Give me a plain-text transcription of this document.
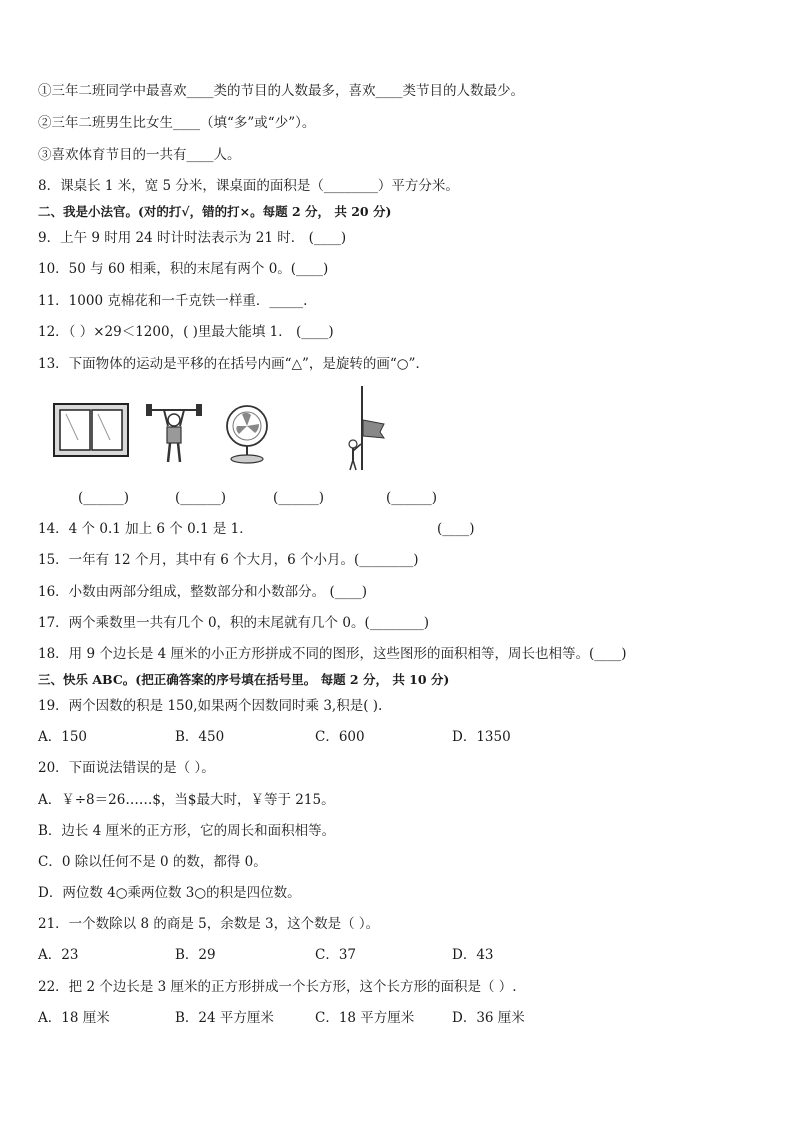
①三年二班同学中最喜欢____类的节目的人数最多，喜欢____类节目的人数最少。
②三年二班男生比女生____（填“多”或“少”）。
③喜欢体育节目的一共有____人。
8．课桌长 1 米，宽 5 分米，课桌面的面积是（________）平方分米。
二、我是小法官。(对的打√，错的打×。每题 2 分， 共 20 分)
9．上午 9 时用 24 时计时法表示为 21 时． (____)
10．50 与 60 相乘，积的末尾有两个 0。(____)
11．1000 克棉花和一千克铁一样重．_____.
12．（ ）×29＜1200，( )里最大能填 1． (____)
13．下面物体的运动是平移的在括号内画“△”，是旋转的画“○”．
(______)	(______)	(______)	(______)
14．4 个 0.1 加上 6 个 0.1 是 1．	(____)
15．一年有 12 个月，其中有 6 个大月，6 个小月。(________)
16．小数由两部分组成，整数部分和小数部分。 (____)
17．两个乘数里一共有几个 0，积的末尾就有几个 0。(________)
18．用 9 个边长是 4 厘米的小正方形拼成不同的图形，这些图形的面积相等，周长也相等。(____)
三、快乐 ABC。(把正确答案的序号填在括号里。 每题 2 分， 共 10 分)
19．两个因数的积是 150,如果两个因数同时乘 3,积是( ).
A．150	B．450	C．600	D．1350
20．下面说法错误的是（ ）。
A．￥÷8＝26……$，当$最大时，￥等于 215。
B．边长 4 厘米的正方形，它的周长和面积相等。
C．0 除以任何不是 0 的数，都得 0。
D．两位数 4○乘两位数 3○的积是四位数。
21．一个数除以 8 的商是 5，余数是 3，这个数是（ ）。
A．23	B．29	C．37	D．43
22．把 2 个边长是 3 厘米的正方形拼成一个长方形，这个长方形的面积是（ ）.
A．18 厘米	B．24 平方厘米	C．18 平方厘米	D．36 厘米
